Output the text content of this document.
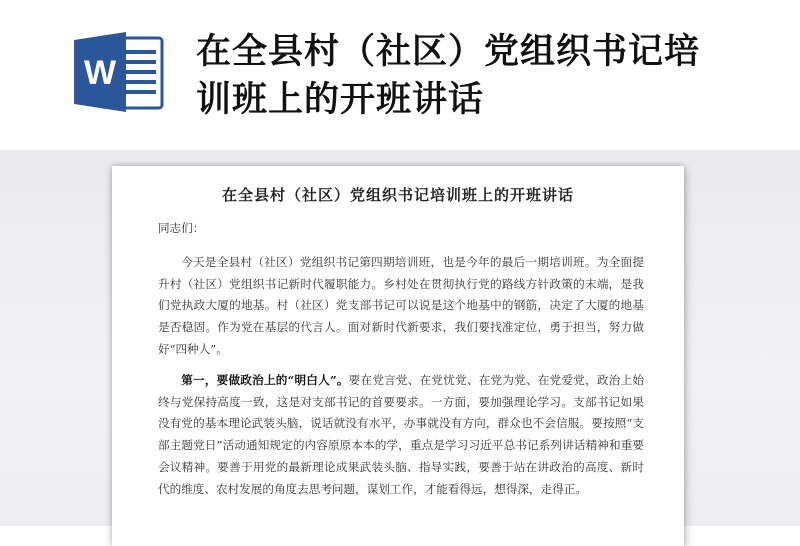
W
在全县村（社区）党组织书记培
训班上的开班讲话
在全县村（社区）党组织书记培训班上的开班讲话

同志们：

今天是全县村（社区）党组织书记第四期培训班，也是今年的最后一期培训班。为全面提升村（社区）党组织书记新时代履职能力。乡村处在贯彻执行党的路线方针政策的末端，是我们党执政大厦的地基。村（社区）党支部书记可以说是这个地基中的钢筋，决定了大厦的地基是否稳固。作为党在基层的代言人。面对新时代新要求，我们要找准定位，勇于担当，努力做好“四种人”。

第一，要做政治上的“明白人”。要在党言党、在党忧党、在党为党、在党爱党，政治上始终与党保持高度一致，这是对支部书记的首要要求。一方面，要加强理论学习。支部书记如果没有党的基本理论武装头脑，说话就没有水平，办事就没有方向，群众也不会信服。要按照“支部主题党日”活动通知规定的内容原原本本的学，重点是学习习近平总书记系列讲话精神和重要会议精神。要善于用党的最新理论成果武装头脑、指导实践，要善于站在讲政治的高度、新时代的维度、农村发展的角度去思考问题，谋划工作，才能看得远，想得深，走得正。
